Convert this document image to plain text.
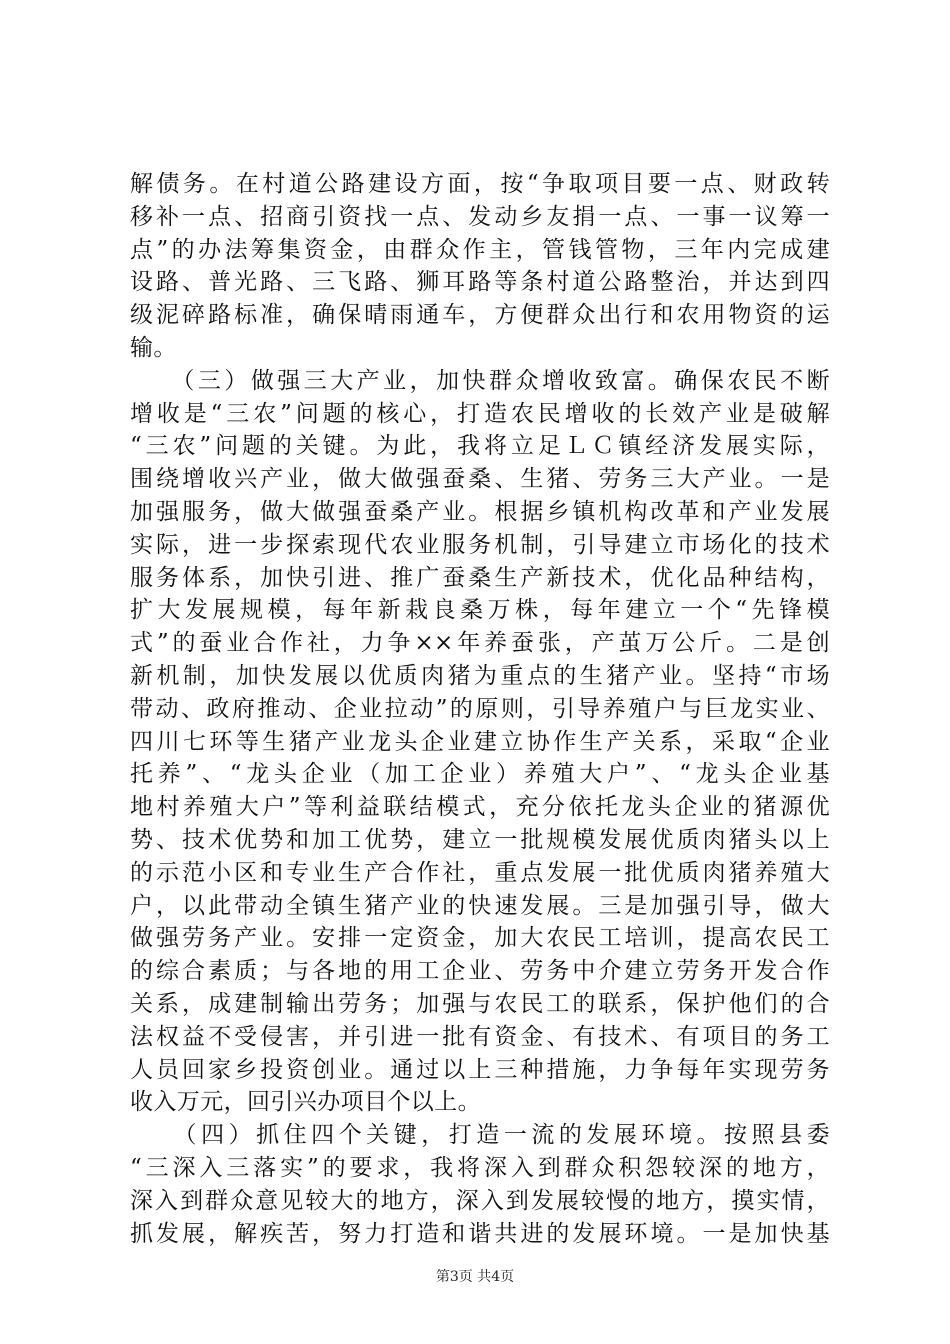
解债务。在村道公路建设方面，按“争取项目要一点、财政转
移补一点、招商引资找一点、发动乡友捐一点、一事一议筹一
点”的办法筹集资金，由群众作主，管钱管物，三年内完成建
设路、普光路、三飞路、狮耳路等条村道公路整治，并达到四
级泥碎路标准，确保晴雨通车，方便群众出行和农用物资的运
输。
　　（三）做强三大产业，加快群众增收致富。确保农民不断
增收是“三农”问题的核心，打造农民增收的长效产业是破解
“三农”问题的关键。为此，我将立足ＬＣ镇经济发展实际，
围绕增收兴产业，做大做强蚕桑、生猪、劳务三大产业。一是
加强服务，做大做强蚕桑产业。根据乡镇机构改革和产业发展
实际，进一步探索现代农业服务机制，引导建立市场化的技术
服务体系，加快引进、推广蚕桑生产新技术，优化品种结构，
扩大发展规模，每年新栽良桑万株，每年建立一个“先锋模
式”的蚕业合作社，力争××年养蚕张，产茧万公斤。二是创
新机制，加快发展以优质肉猪为重点的生猪产业。坚持“市场
带动、政府推动、企业拉动”的原则，引导养殖户与巨龙实业、
四川七环等生猪产业龙头企业建立协作生产关系，采取“企业
托养”、“龙头企业（加工企业）养殖大户”、“龙头企业基
地村养殖大户”等利益联结模式，充分依托龙头企业的猪源优
势、技术优势和加工优势，建立一批规模发展优质肉猪头以上
的示范小区和专业生产合作社，重点发展一批优质肉猪养殖大
户，以此带动全镇生猪产业的快速发展。三是加强引导，做大
做强劳务产业。安排一定资金，加大农民工培训，提高农民工
的综合素质；与各地的用工企业、劳务中介建立劳务开发合作
关系，成建制输出劳务；加强与农民工的联系，保护他们的合
法权益不受侵害，并引进一批有资金、有技术、有项目的务工
人员回家乡投资创业。通过以上三种措施，力争每年实现劳务
收入万元，回引兴办项目个以上。
　　（四）抓住四个关键，打造一流的发展环境。按照县委
“三深入三落实”的要求，我将深入到群众积怨较深的地方，
深入到群众意见较大的地方，深入到发展较慢的地方，摸实情，
抓发展，解疾苦，努力打造和谐共进的发展环境。一是加快基
第3页 共4页
